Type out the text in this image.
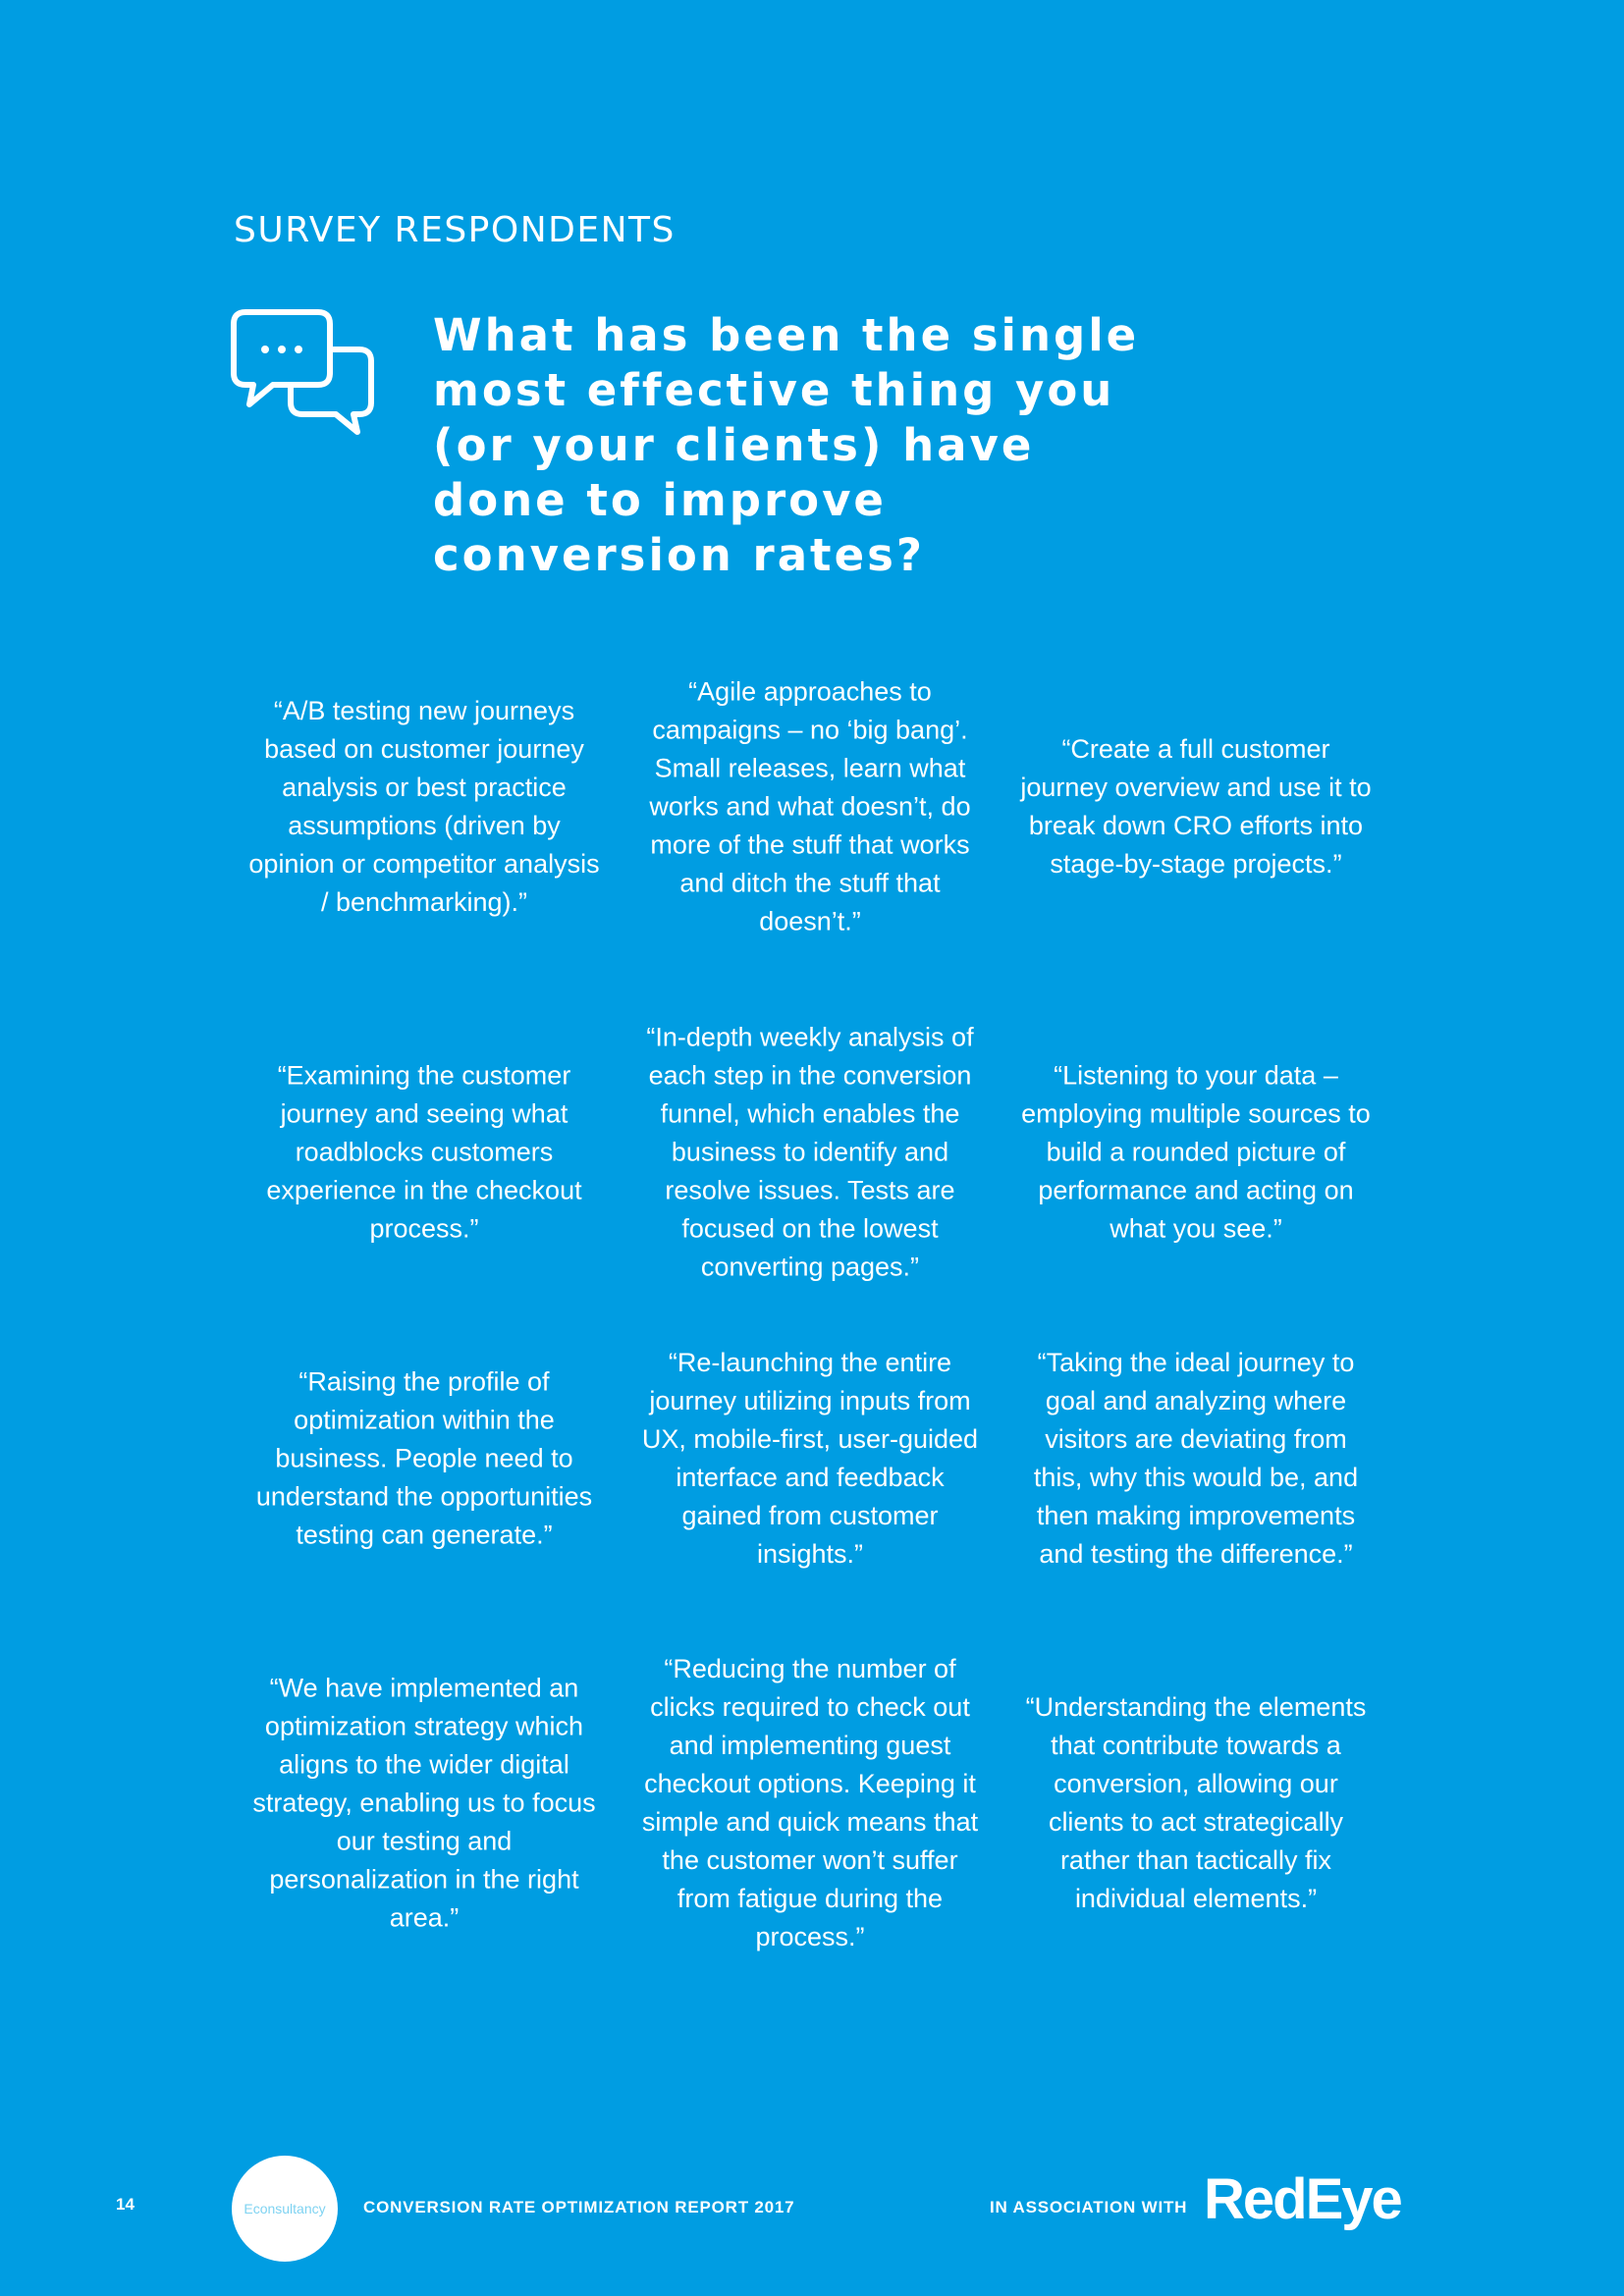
SURVEY RESPONDENTS
What has been the single most effective thing you (or your clients) have done to improve conversion rates?

“A/B testing new journeys based on customer journey analysis or best practice assumptions (driven by opinion or competitor analysis / benchmarking).”

“Agile approaches to campaigns – no ‘big bang’. Small releases, learn what works and what doesn’t, do more of the stuff that works and ditch the stuff that doesn’t.”

“Create a full customer journey overview and use it to break down CRO efforts into stage-by-stage projects.”

“Examining the customer journey and seeing what roadblocks customers experience in the checkout process.”

“In-depth weekly analysis of each step in the conversion funnel, which enables the business to identify and resolve issues. Tests are focused on the lowest converting pages.”

“Listening to your data – employing multiple sources to build a rounded picture of performance and acting on what you see.”

“Raising the profile of optimization within the business. People need to understand the opportunities testing can generate.”

“Re-launching the entire journey utilizing inputs from UX, mobile-first, user-guided interface and feedback gained from customer insights.”

“Taking the ideal journey to goal and analyzing where visitors are deviating from this, why this would be, and then making improvements and testing the difference.”

“We have implemented an optimization strategy which aligns to the wider digital strategy, enabling us to focus our testing and personalization in the right area.”

“Reducing the number of clicks required to check out and implementing guest checkout options. Keeping it simple and quick means that the customer won’t suffer from fatigue during the process.”

“Understanding the elements that contribute towards a conversion, allowing our clients to act strategically rather than tactically fix individual elements.”

14	Econsultancy CONVERSION RATE OPTIMIZATION REPORT 2017	IN ASSOCIATION WITH RedEye
